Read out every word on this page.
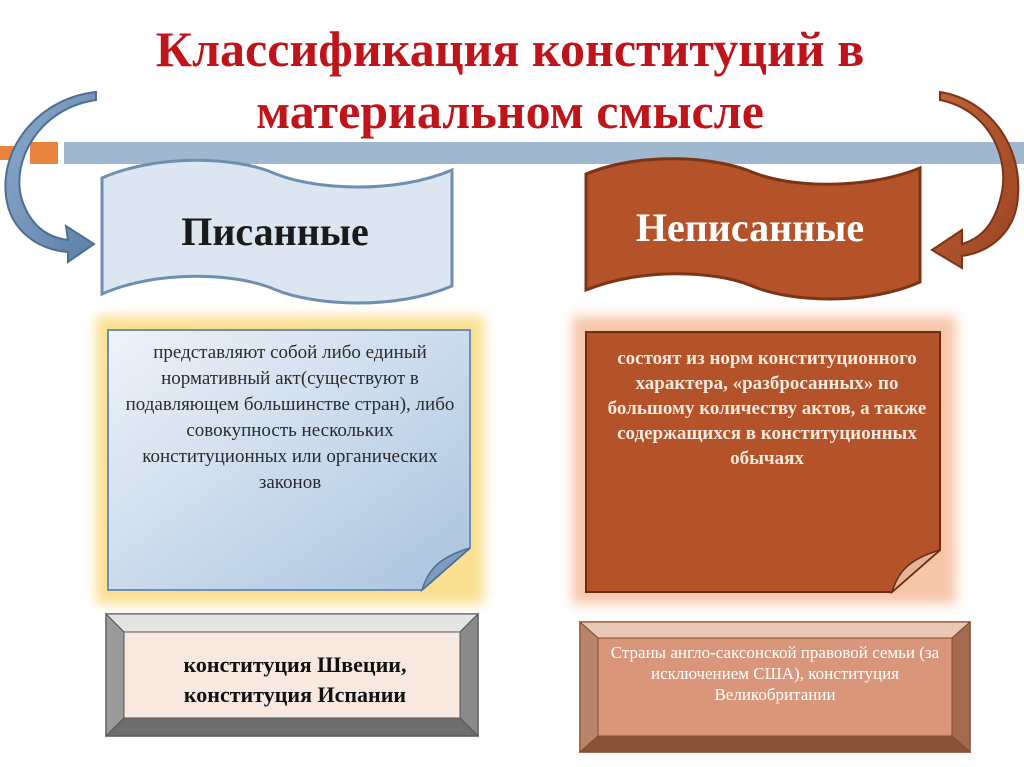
Классификация конституций в материальном смысле
Писанные	Неписанные
представляют собой либо единый нормативный акт(существуют в подавляющем большинстве стран), либо совокупность нескольких конституционных или органических законов
состоят из норм конституционного характера, «разбросанных» по большому количеству актов, а также содержащихся в конституционных обычаях
конституция Швеции, конституция Испании
Страны англо-саксонской правовой семьи (за исключением США), конституция Великобритании
